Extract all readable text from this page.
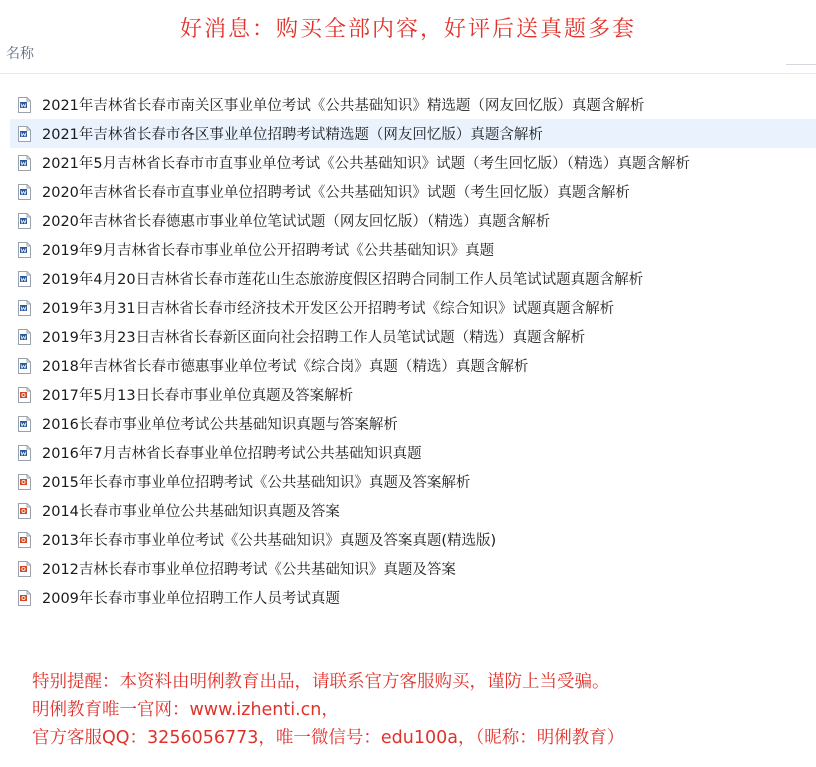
好消息：购买全部内容，好评后送真题多套
名称
2021年吉林省长春市南关区事业单位考试《公共基础知识》精选题（网友回忆版）真题含解析
2021年吉林省长春市各区事业单位招聘考试精选题（网友回忆版）真题含解析
2021年5月吉林省长春市市直事业单位考试《公共基础知识》试题（考生回忆版）（精选）真题含解析
2020年吉林省长春市直事业单位招聘考试《公共基础知识》试题（考生回忆版）真题含解析
2020年吉林省长春德惠市事业单位笔试试题（网友回忆版）（精选）真题含解析
2019年9月吉林省长春市事业单位公开招聘考试《公共基础知识》真题
2019年4月20日吉林省长春市莲花山生态旅游度假区招聘合同制工作人员笔试试题真题含解析
2019年3月31日吉林省长春市经济技术开发区公开招聘考试《综合知识》试题真题含解析
2019年3月23日吉林省长春新区面向社会招聘工作人员笔试试题（精选）真题含解析
2018年吉林省长春市德惠事业单位考试《综合岗》真题（精选）真题含解析
2017年5月13日长春市事业单位真题及答案解析
2016长春市事业单位考试公共基础知识真题与答案解析
2016年7月吉林省长春事业单位招聘考试公共基础知识真题
2015年长春市事业单位招聘考试《公共基础知识》真题及答案解析
2014长春市事业单位公共基础知识真题及答案
2013年长春市事业单位考试《公共基础知识》真题及答案真题(精选版)
2012吉林长春市事业单位招聘考试《公共基础知识》真题及答案
2009年长春市事业单位招聘工作人员考试真题
特别提醒：本资料由明俐教育出品，请联系官方客服购买，谨防上当受骗。
明俐教育唯一官网：www.izhenti.cn，
官方客服QQ：3256056773，唯一微信号：edu100a，（昵称：明俐教育）
